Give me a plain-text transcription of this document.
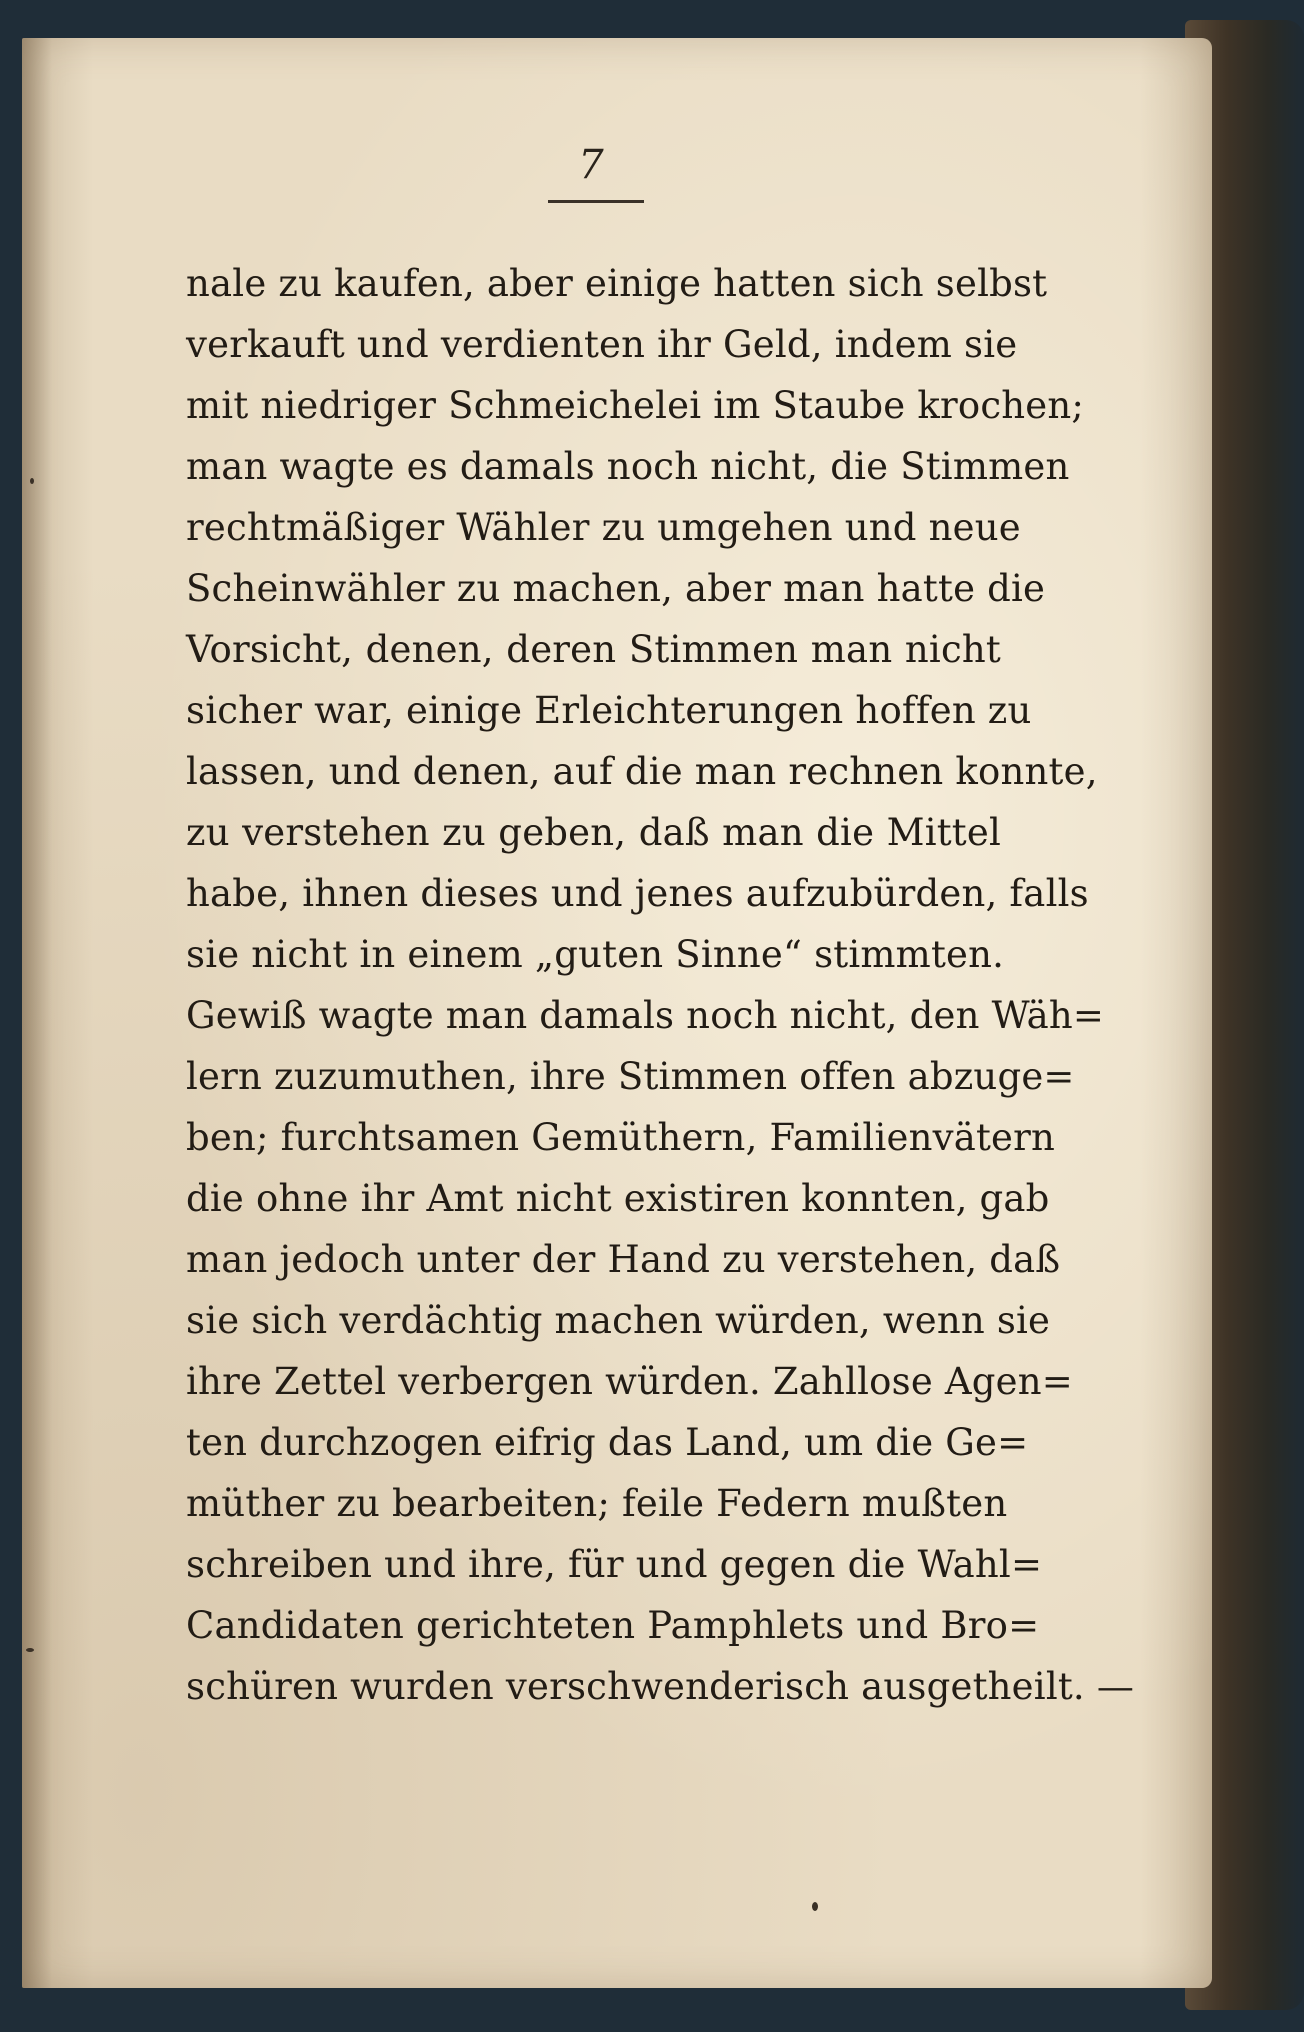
7
nale zu kaufen, aber einige hatten sich selbst
verkauft und verdienten ihr Geld, indem sie
mit niedriger Schmeichelei im Staube krochen;
man wagte es damals noch nicht, die Stimmen
rechtmäßiger Wähler zu umgehen und neue
Scheinwähler zu machen, aber man hatte die
Vorsicht, denen, deren Stimmen man nicht
sicher war, einige Erleichterungen hoffen zu
lassen, und denen, auf die man rechnen konnte,
zu verstehen zu geben, daß man die Mittel
habe, ihnen dieses und jenes aufzubürden, falls
sie nicht in einem „guten Sinne“ stimmten.
Gewiß wagte man damals noch nicht, den Wäh=
lern zuzumuthen, ihre Stimmen offen abzuge=
ben; furchtsamen Gemüthern, Familienvätern
die ohne ihr Amt nicht existiren konnten, gab
man jedoch unter der Hand zu verstehen, daß
sie sich verdächtig machen würden, wenn sie
ihre Zettel verbergen würden. Zahllose Agen=
ten durchzogen eifrig das Land, um die Ge=
müther zu bearbeiten; feile Federn mußten
schreiben und ihre, für und gegen die Wahl=
Candidaten gerichteten Pamphlets und Bro=
schüren wurden verschwenderisch ausgetheilt. —
